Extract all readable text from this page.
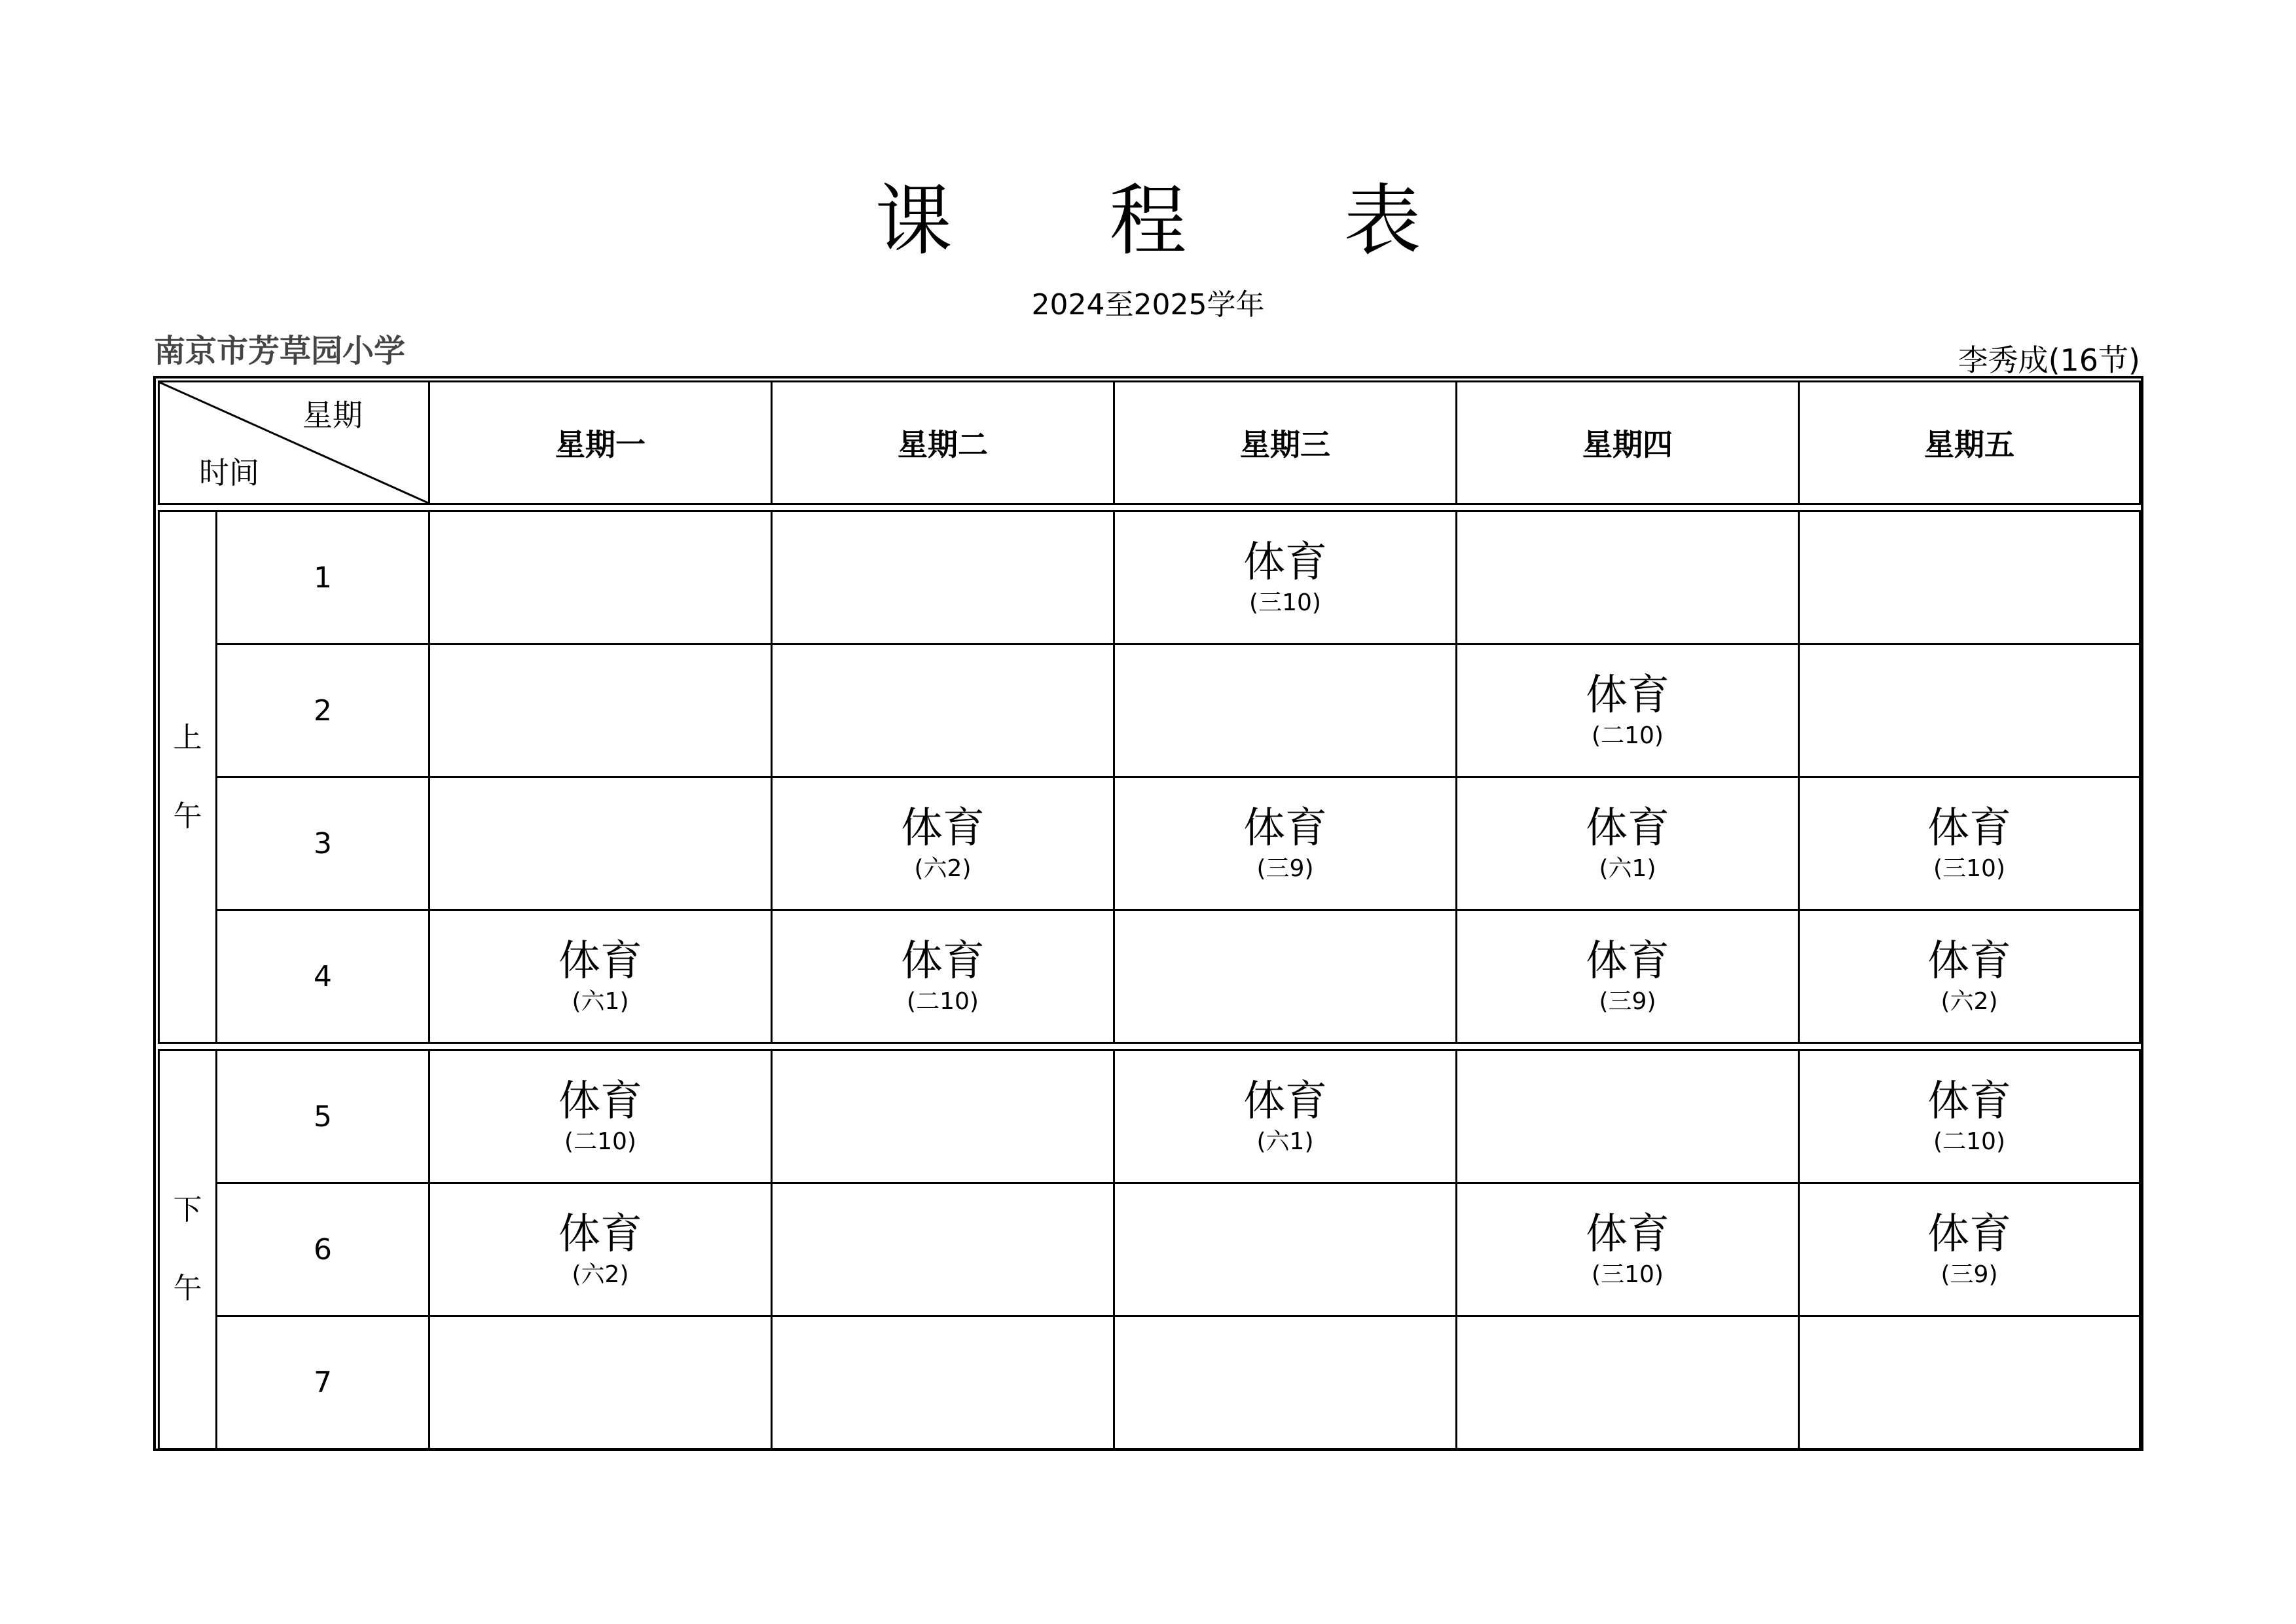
课 程 表
2024至2025学年
南京市芳草园小学	李秀成(16节)
星期
时间		星期一	星期二	星期三	星期四	星期五

上
午	1			体育
(三10)		

	2				体育
(二10)	

	3		体育
(六2)	体育
(三9)	体育
(六1)	体育
(三10)

	4	体育
(六1)	体育
(二10)		体育
(三9)	体育
(六2)

下
午	5	体育
(二10)		体育
(六1)		体育
(二10)

	6	体育
(六2)			体育
(三10)	体育
(三9)

	7					
